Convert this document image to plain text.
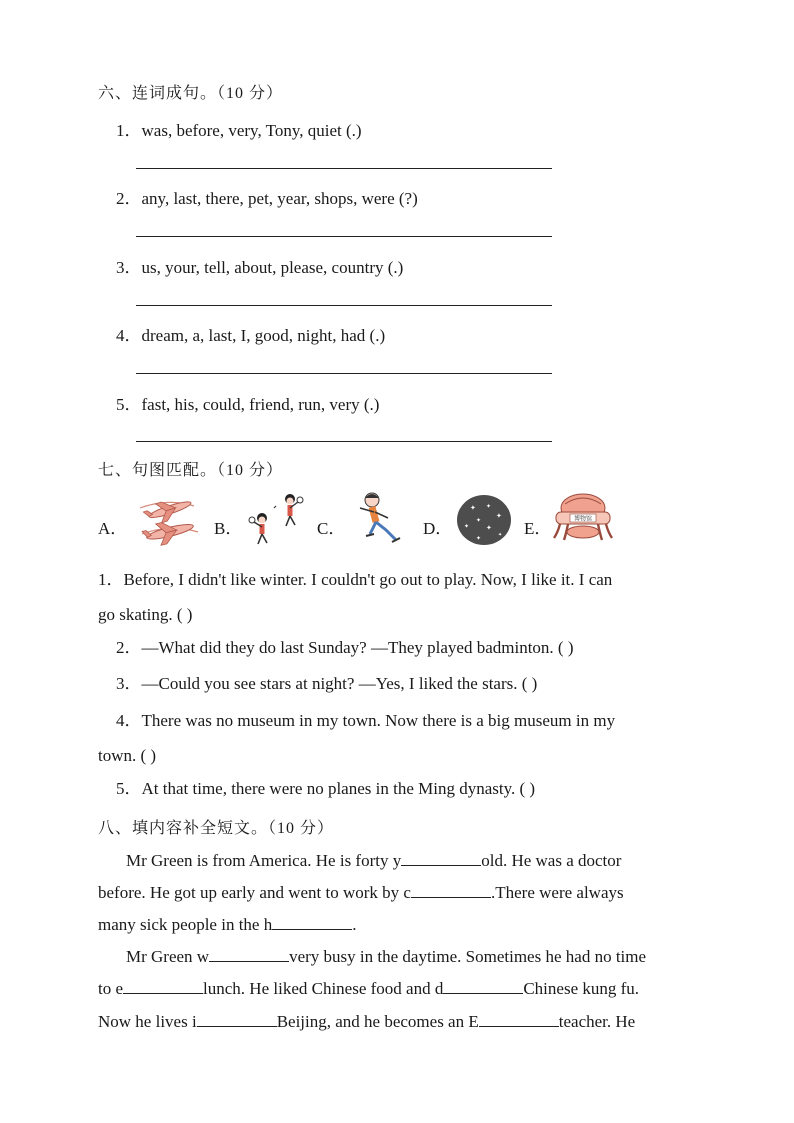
六、连词成句。（10 分）
1．was, before, very, Tony, quiet (.)
2．any, last, there, pet, year, shops, were (?)
3．us, your, tell, about, please, country (.)
4．dream, a, last, I, good, night, had (.)
5．fast, his, could, friend, run, very (.)
七、句图匹配。（10 分）
A．	B．	C．	D．	E．
✦ ✦
✦
✦
✦ ✦
✦	✦
博物馆
1．Before, I didn't like winter. I couldn't go out to play. Now, I like it. I can
go skating. ( )
2．—What did they do last Sunday? —They played badminton. ( )
3．—Could you see stars at night? —Yes, I liked the stars. ( )
4．There was no museum in my town. Now there is a big museum in my
town. ( )
5．At that time, there were no planes in the Ming dynasty. ( )
八、填内容补全短文。（10 分）
Mr Green is from America. He is forty y	old. He was a doctor
before. He got up early and went to work by c	.There were always
many sick people in the h	.
Mr Green w	very busy in the daytime. Sometimes he had no time
to e	lunch. He liked Chinese food and d	Chinese kung fu.
Now he lives i	Beijing, and he becomes an E	teacher. He
